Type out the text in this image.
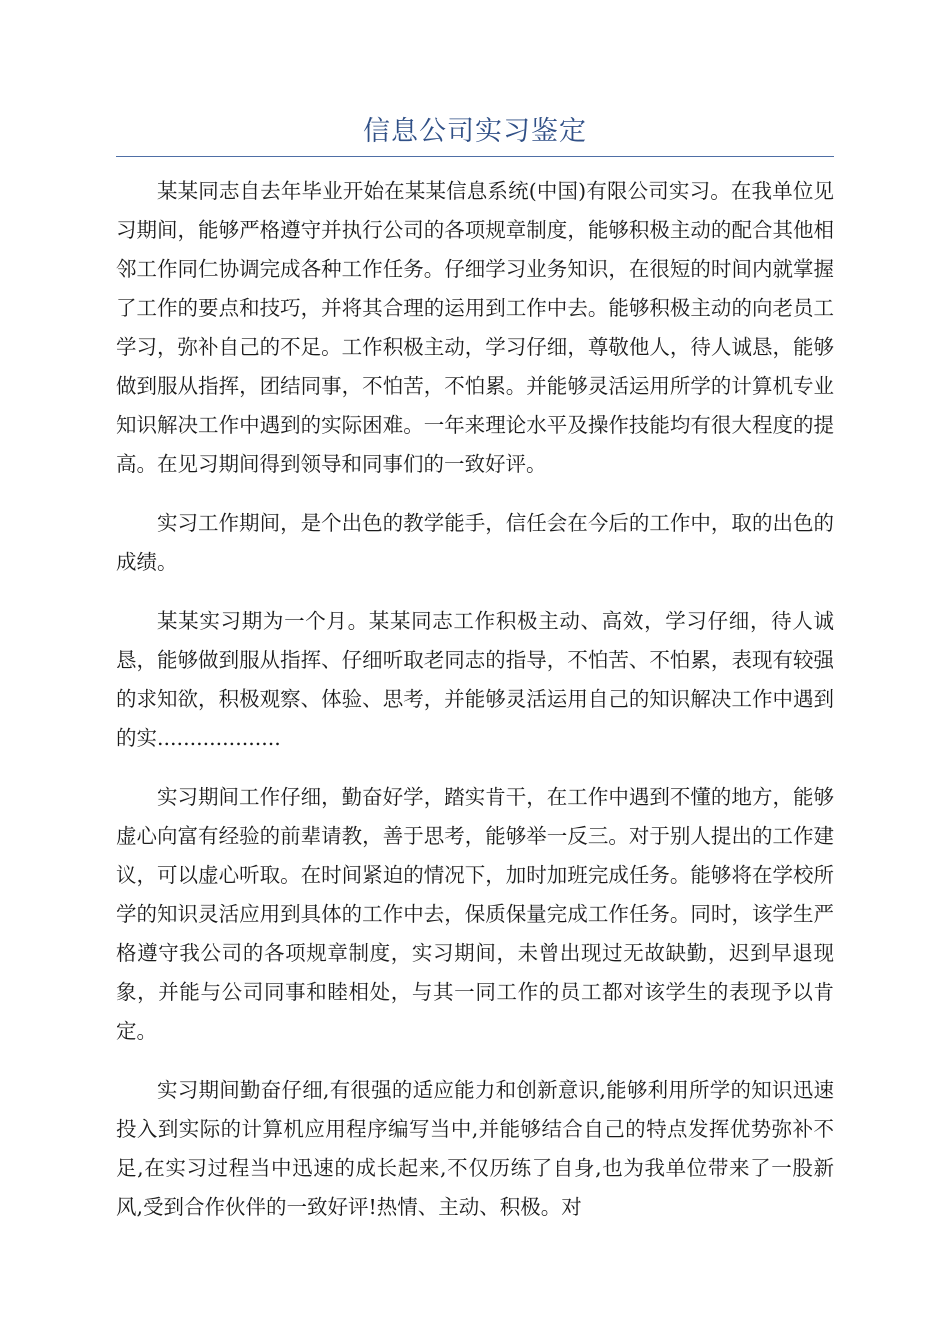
信息公司实习鉴定

某某同志自去年毕业开始在某某信息系统(中国)有限公司实习。在我单位见习期间，能够严格遵守并执行公司的各项规章制度，能够积极主动的配合其他相邻工作同仁协调完成各种工作任务。仔细学习业务知识，在很短的时间内就掌握了工作的要点和技巧，并将其合理的运用到工作中去。能够积极主动的向老员工学习，弥补自己的不足。工作积极主动，学习仔细，尊敬他人，待人诚恳，能够做到服从指挥，团结同事，不怕苦，不怕累。并能够灵活运用所学的计算机专业知识解决工作中遇到的实际困难。一年来理论水平及操作技能均有很大程度的提高。在见习期间得到领导和同事们的一致好评。

实习工作期间，是个出色的教学能手，信任会在今后的工作中，取的出色的成绩。

某某实习期为一个月。某某同志工作积极主动、高效，学习仔细，待人诚恳，能够做到服从指挥、仔细听取老同志的指导，不怕苦、不怕累，表现有较强的求知欲，积极观察、体验、思考，并能够灵活运用自己的知识解决工作中遇到的实...................

实习期间工作仔细，勤奋好学，踏实肯干，在工作中遇到不懂的地方，能够虚心向富有经验的前辈请教，善于思考，能够举一反三。对于别人提出的工作建议，可以虚心听取。在时间紧迫的情况下，加时加班完成任务。能够将在学校所学的知识灵活应用到具体的工作中去，保质保量完成工作任务。同时，该学生严格遵守我公司的各项规章制度，实习期间，未曾出现过无故缺勤，迟到早退现象，并能与公司同事和睦相处，与其一同工作的员工都对该学生的表现予以肯定。

实习期间勤奋仔细,有很强的适应能力和创新意识,能够利用所学的知识迅速投入到实际的计算机应用程序编写当中,并能够结合自己的特点发挥优势弥补不足,在实习过程当中迅速的成长起来,不仅历练了自身,也为我单位带来了一股新风,受到合作伙伴的一致好评!热情、主动、积极。对
